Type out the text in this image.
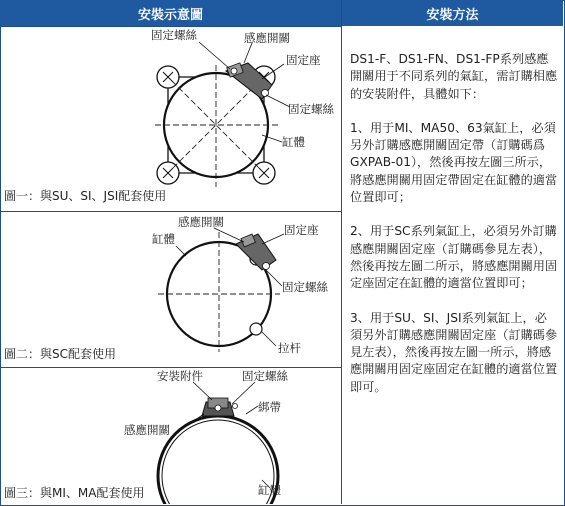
安裝示意圖	安裝方法
固定螺絲	感應開關
固定座
固定螺絲
缸體
圖一：與SU、SI、JSI配套使用
感應開關
缸體
固定座
固定螺絲
拉杆
圖二：與SC配套使用
安裝附件	固定螺絲
綁帶
感應開關
缸體
圖三：與MI、MA配套使用

DS1-F、DS1-FN、DS1-FP系列感應開關用于不同系列的氣缸，需訂購相應的安裝附件，具體如下：

1、用于MI、MA50、63氣缸上，必須另外訂購感應開關固定帶（訂購碼爲GXPAB-01），然後再按左圖三所示，將感應開關用固定帶固定在缸體的適當位置即可；

2、用于SC系列氣缸上，必須另外訂購感應開關固定座（訂購碼參見左表），然後再按左圖二所示，將感應開關用固定座固定在缸體的適當位置即可；

3、用于SU、SI、JSI系列氣缸上，必須另外訂購感應開關固定座（訂購碼參見左表），然後再按左圖一所示，將感應開關用固定座固定在缸體的適當位置即可。
